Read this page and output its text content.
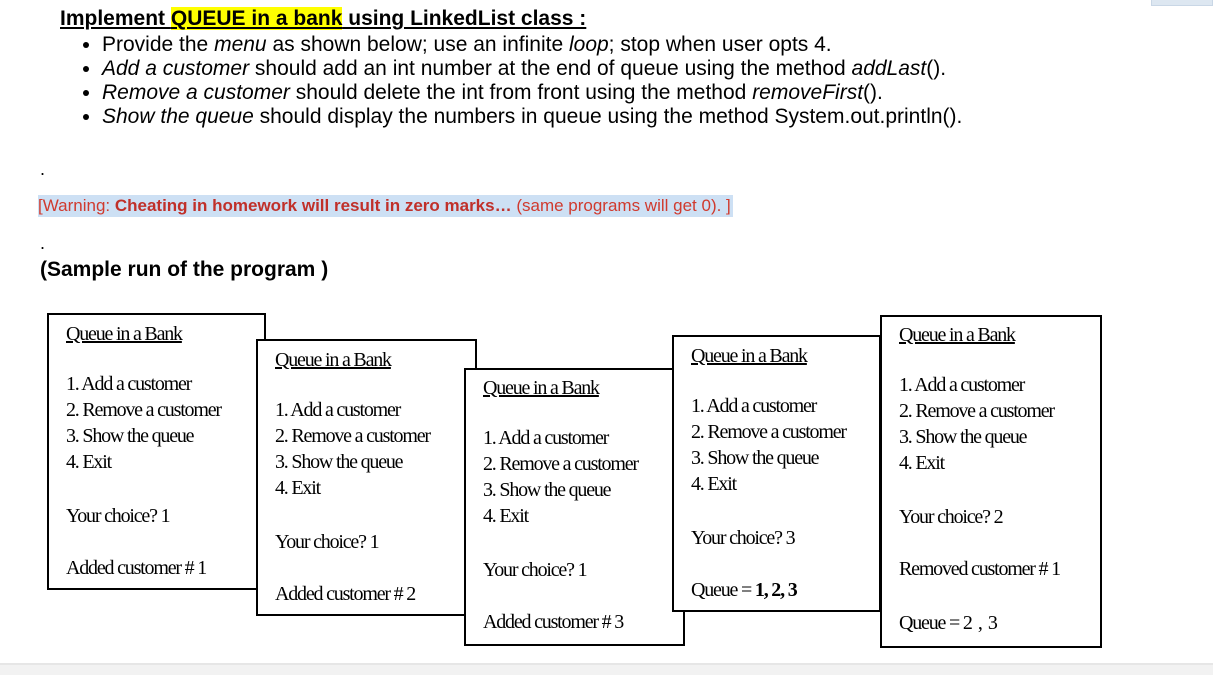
Implement QUEUE in a bank using LinkedList class :
• Provide the menu as shown below; use an infinite loop; stop when user opts 4.
• Add a customer should add an int number at the end of queue using the method addLast().
• Remove a customer should delete the int from front using the method removeFirst().
• Show the queue should display the numbers in queue using the method System.out.println().
.
[Warning: Cheating in homework will result in zero marks… (same programs will get 0). ]
.
(Sample run of the program )
Queue in a Bank
1. Add a customer
2. Remove a customer
3. Show the queue
4. Exit
Your choice? 1
Added customer # 1
Queue in a Bank
1. Add a customer
2. Remove a customer
3. Show the queue
4. Exit
Your choice? 1
Added customer # 2
Queue in a Bank
1. Add a customer
2. Remove a customer
3. Show the queue
4. Exit
Your choice? 1
Added customer # 3
Queue in a Bank
1. Add a customer
2. Remove a customer
3. Show the queue
4. Exit
Your choice? 3
Queue = 1, 2, 3
Queue in a Bank
1. Add a customer
2. Remove a customer
3. Show the queue
4. Exit
Your choice? 2
Removed customer # 1
Queue = 2 , 3
